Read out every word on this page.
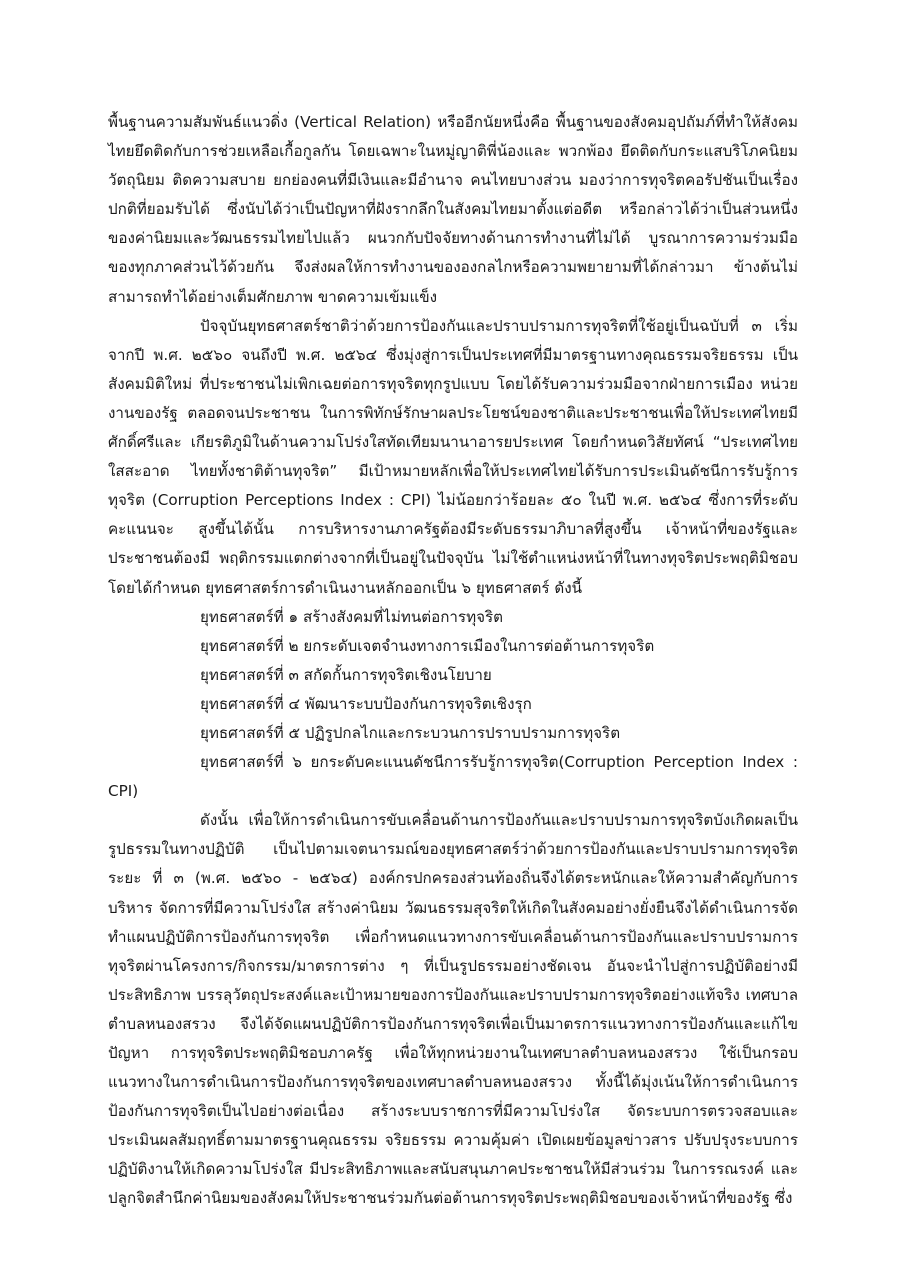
พื้นฐานความสัมพันธ์แนวดิ่ง (Vertical Relation) หรืออีกนัยหนึ่งคือ พื้นฐานของสังคมอุปถัมภ์ที่ทำให้สังคมไทยยึดติดกับการช่วยเหลือเกื้อกูลกัน โดยเฉพาะในหมู่ญาติพี่น้องและ พวกพ้อง ยึดติดกับกระแสบริโภคนิยม วัตถุนิยม ติดความสบาย ยกย่องคนที่มีเงินและมีอำนาจ คนไทยบางส่วน มองว่าการทุจริตคอรัปชันเป็นเรื่องปกติที่ยอมรับได้ ซึ่งนับได้ว่าเป็นปัญหาที่ฝังรากลึกในสังคมไทยมาตั้งแต่อดีต หรือกล่าวได้ว่าเป็นส่วนหนึ่งของค่านิยมและวัฒนธรรมไทยไปแล้ว ผนวกกับปัจจัยทางด้านการทำงานที่ไม่ได้ บูรณาการความร่วมมือของทุกภาคส่วนไว้ด้วยกัน จึงส่งผลให้การทำงานขององกลไกหรือความพยายามที่ได้กล่าวมา ข้างต้นไม่สามารถทำได้อย่างเต็มศักยภาพ ขาดความเข้มแข็ง

ปัจจุบันยุทธศาสตร์ชาติว่าด้วยการป้องกันและปราบปรามการทุจริตที่ใช้อยู่เป็นฉบับที่ ๓ เริ่มจากปี พ.ศ. ๒๕๖๐ จนถึงปี พ.ศ. ๒๕๖๔ ซึ่งมุ่งสู่การเป็นประเทศที่มีมาตรฐานทางคุณธรรมจริยธรรม เป็นสังคมมิติใหม่ ที่ประชาชนไม่เพิกเฉยต่อการทุจริตทุกรูปแบบ โดยได้รับความร่วมมือจากฝ่ายการเมือง หน่วยงานของรัฐ ตลอดจนประชาชน ในการพิทักษ์รักษาผลประโยชน์ของชาติและประชาชนเพื่อให้ประเทศไทยมีศักดิ์ศรีและ เกียรติภูมิในด้านความโปร่งใสทัดเทียมนานาอารยประเทศ โดยกำหนดวิสัยทัศน์ “ประเทศไทยใสสะอาด ไทยทั้งชาติต้านทุจริต” มีเป้าหมายหลักเพื่อให้ประเทศไทยได้รับการประเมินดัชนีการรับรู้การทุจริต (Corruption Perceptions Index : CPI) ไม่น้อยกว่าร้อยละ ๕๐ ในปี พ.ศ. ๒๕๖๔ ซึ่งการที่ระดับคะแนนจะ สูงขึ้นได้นั้น การบริหารงานภาครัฐต้องมีระดับธรรมาภิบาลที่สูงขึ้น เจ้าหน้าที่ของรัฐและประชาชนต้องมี พฤติกรรมแตกต่างจากที่เป็นอยู่ในปัจจุบัน ไม่ใช้ตำแหน่งหน้าที่ในทางทุจริตประพฤติมิชอบ โดยได้กำหนด ยุทธศาสตร์การดำเนินงานหลักออกเป็น ๖ ยุทธศาสตร์ ดังนี้

ยุทธศาสตร์ที่ ๑ สร้างสังคมที่ไม่ทนต่อการทุจริต
ยุทธศาสตร์ที่ ๒ ยกระดับเจตจำนงทางการเมืองในการต่อต้านการทุจริต
ยุทธศาสตร์ที่ ๓ สกัดกั้นการทุจริตเชิงนโยบาย
ยุทธศาสตร์ที่ ๔ พัฒนาระบบป้องกันการทุจริตเชิงรุก
ยุทธศาสตร์ที่ ๕ ปฏิรูปกลไกและกระบวนการปราบปรามการทุจริต
ยุทธศาสตร์ที่ ๖ ยกระดับคะแนนดัชนีการรับรู้การทุจริต(Corruption Perception Index : CPI)

ดังนั้น เพื่อให้การดำเนินการขับเคลื่อนด้านการป้องกันและปราบปรามการทุจริตบังเกิดผลเป็นรูปธรรมในทางปฏิบัติ เป็นไปตามเจตนารมณ์ของยุทธศาสตร์ว่าด้วยการป้องกันและปราบปรามการทุจริต ระยะ ที่ ๓ (พ.ศ. ๒๕๖๐ - ๒๕๖๔) องค์กรปกครองส่วนท้องถิ่นจึงได้ตระหนักและให้ความสำคัญกับการบริหาร จัดการที่มีความโปร่งใส สร้างค่านิยม วัฒนธรรมสุจริตให้เกิดในสังคมอย่างยั่งยืนจึงได้ดำเนินการจัดทำแผนปฏิบัติการป้องกันการทุจริต เพื่อกำหนดแนวทางการขับเคลื่อนด้านการป้องกันและปราบปรามการทุจริตผ่านโครงการ/กิจกรรม/มาตรการต่าง ๆ ที่เป็นรูปธรรมอย่างชัดเจน อันจะนำไปสู่การปฏิบัติอย่างมีประสิทธิภาพ บรรลุวัตถุประสงค์และเป้าหมายของการป้องกันและปราบปรามการทุจริตอย่างแท้จริง เทศบาลตำบลหนองสรวง จึงได้จัดแผนปฏิบัติการป้องกันการทุจริตเพื่อเป็นมาตรการแนวทางการป้องกันและแก้ไขปัญหา การทุจริตประพฤติมิชอบภาครัฐ เพื่อให้ทุกหน่วยงานในเทศบาลตำบลหนองสรวง ใช้เป็นกรอบแนวทางในการดำเนินการป้องกันการทุจริตของเทศบาลตำบลหนองสรวง ทั้งนี้ได้มุ่งเน้นให้การดำเนินการป้องกันการทุจริตเป็นไปอย่างต่อเนื่อง สร้างระบบราชการที่มีความโปร่งใส จัดระบบการตรวจสอบและประเมินผลสัมฤทธิ์ตามมาตรฐานคุณธรรม จริยธรรม ความคุ้มค่า เปิดเผยข้อมูลข่าวสาร ปรับปรุงระบบการปฏิบัติงานให้เกิดความโปร่งใส มีประสิทธิภาพและสนับสนุนภาคประชาชนให้มีส่วนร่วม ในการรณรงค์ และปลูกจิตสำนึกค่านิยมของสังคมให้ประชาชนร่วมกันต่อต้านการทุจริตประพฤติมิชอบของเจ้าหน้าที่ของรัฐ ซึ่ง
